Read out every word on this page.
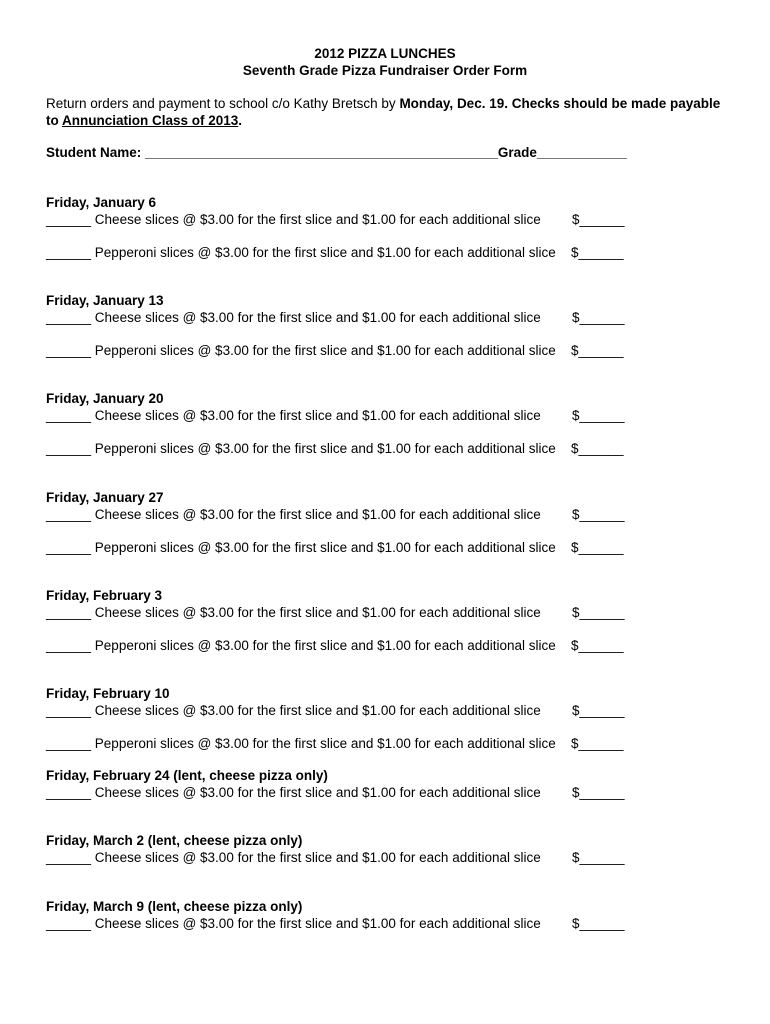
2012 PIZZA LUNCHES
Seventh Grade Pizza Fundraiser Order Form
Return orders and payment to school c/o Kathy Bretsch by Monday, Dec. 19. Checks should be made payable to Annunciation Class of 2013.
Student Name: _______________________________________________Grade____________
Friday, January 6
______ Cheese slices @ $3.00 for the first slice and $1.00 for each additional slice $______
______ Pepperoni slices @ $3.00 for the first slice and $1.00 for each additional slice $______
Friday, January 13
______ Cheese slices @ $3.00 for the first slice and $1.00 for each additional slice $______
______ Pepperoni slices @ $3.00 for the first slice and $1.00 for each additional slice $______
Friday, January 20
______ Cheese slices @ $3.00 for the first slice and $1.00 for each additional slice $______
______ Pepperoni slices @ $3.00 for the first slice and $1.00 for each additional slice $______
Friday, January 27
______ Cheese slices @ $3.00 for the first slice and $1.00 for each additional slice $______
______ Pepperoni slices @ $3.00 for the first slice and $1.00 for each additional slice $______
Friday, February 3
______ Cheese slices @ $3.00 for the first slice and $1.00 for each additional slice $______
______ Pepperoni slices @ $3.00 for the first slice and $1.00 for each additional slice $______
Friday, February 10
______ Cheese slices @ $3.00 for the first slice and $1.00 for each additional slice $______
______ Pepperoni slices @ $3.00 for the first slice and $1.00 for each additional slice $______
Friday, February 24 (lent, cheese pizza only)
______ Cheese slices @ $3.00 for the first slice and $1.00 for each additional slice $______
Friday, March 2 (lent, cheese pizza only)
______ Cheese slices @ $3.00 for the first slice and $1.00 for each additional slice $______
Friday, March 9 (lent, cheese pizza only)
______ Cheese slices @ $3.00 for the first slice and $1.00 for each additional slice $______
